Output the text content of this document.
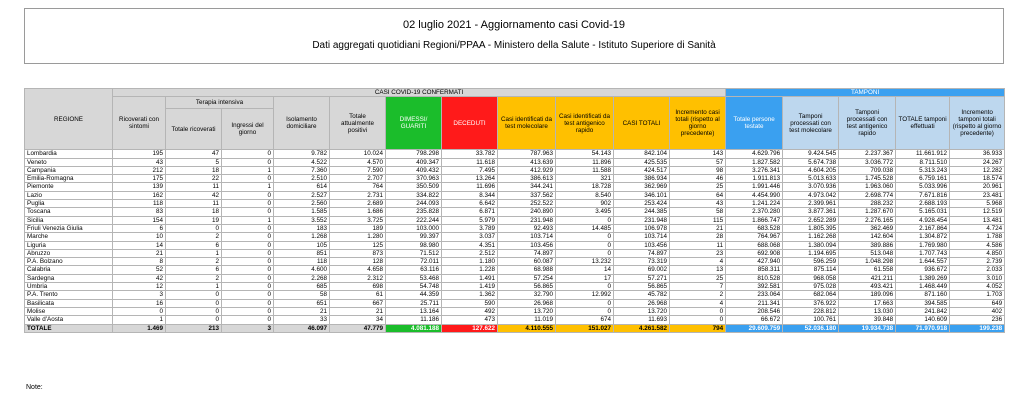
02 luglio 2021 - Aggiornamento casi Covid-19
Dati aggregati quotidiani Regioni/PPAA - Ministero della Salute - Istituto Superiore di Sanità
REGIONE	CASI COVID-19 CONFERMATI											TAMPONI				
	Ricoverati con sintomi	Terapia intensiva		Isolamento domiciliare	Totale attualmente positivi	DIMESSI/ GUARITI	DECEDUTI	Casi identificati da test molecolare	Casi identificati da test antigenico rapido	CASI TOTALI	Incremento casi totali (rispetto al giorno precedente)	Totale persone testate	Tamponi processati con test molecolare	Tamponi processati con test antigenico rapido	TOTALE tamponi effettuati	Incremento tamponi totali (rispetto al giorno precedente)
		Totale ricoverati	Ingressi del giorno													
Lombardia	195	47	0	9.782	10.024	798.298	33.782	787.963	54.143	842.104	143	4.629.796	9.424.545	2.237.367	11.661.912	36.933
Veneto	43	5	0	4.522	4.570	409.347	11.618	413.639	11.896	425.535	57	1.827.582	5.674.738	3.036.772	8.711.510	24.267
Campania	212	18	1	7.360	7.590	409.432	7.495	412.929	11.588	424.517	98	3.276.341	4.604.205	709.038	5.313.243	12.282
Emilia-Romagna	175	22	0	2.510	2.707	370.963	13.264	386.613	321	386.934	46	1.911.813	5.013.633	1.745.528	6.759.161	18.574
Piemonte	139	11	1	614	764	350.509	11.696	344.241	18.728	362.969	25	1.991.446	3.070.936	1.963.060	5.033.996	20.961
Lazio	162	42	0	2.527	2.731	334.822	8.344	337.562	8.540	346.101	64	4.454.990	4.973.042	2.698.774	7.671.816	23.481
Puglia	118	11	0	2.560	2.689	244.093	6.642	252.522	902	253.424	43	1.241.224	2.399.961	288.232	2.688.193	5.968
Toscana	83	18	0	1.585	1.686	235.828	6.871	240.890	3.495	244.385	58	2.370.280	3.877.361	1.287.670	5.165.031	12.519
Sicilia	154	19	1	3.552	3.725	222.244	5.979	231.948	0	231.948	115	1.866.747	2.652.289	2.276.165	4.928.454	13.481
Friuli Venezia Giulia	6	0	0	183	189	103.000	3.789	92.493	14.485	106.978	21	683.528	1.805.395	362.469	2.167.864	4.724
Marche	10	2	0	1.268	1.280	99.397	3.037	103.714	0	103.714	28	764.967	1.162.268	142.604	1.304.872	1.788
Liguria	14	6	0	105	125	98.980	4.351	103.456	0	103.456	11	688.068	1.380.094	389.886	1.769.980	4.586
Abruzzo	21	1	0	851	873	71.512	2.512	74.897	0	74.897	23	692.908	1.194.695	513.048	1.707.743	4.850
P.A. Bolzano	8	2	0	118	128	72.011	1.180	60.087	13.232	73.319	4	427.940	596.259	1.048.298	1.644.557	2.739
Calabria	52	6	0	4.600	4.658	63.116	1.228	68.988	14	69.002	13	858.311	875.114	61.558	936.672	2.033
Sardegna	42	2	0	2.268	2.312	53.468	1.491	57.254	17	57.271	25	810.528	968.058	421.211	1.389.269	3.010
Umbria	12	1	0	685	698	54.748	1.419	56.865	0	56.865	7	392.581	975.028	493.421	1.468.449	4.052
P.A. Trento	3	0	0	58	61	44.359	1.362	32.790	12.992	45.782	2	233.064	682.064	189.096	871.160	1.703
Basilicata	16	0	0	651	667	25.711	590	26.968	0	26.968	4	211.341	376.922	17.663	394.585	649
Molise	0	0	0	21	21	13.164	492	13.720	0	13.720	0	208.546	228.812	13.030	241.842	402
Valle d'Aosta	1	0	0	33	34	11.186	473	11.019	674	11.693	0	66.672	100.761	39.848	140.609	236
TOTALE	1.469	213	3	46.097	47.779	4.081.188	127.622	4.110.555	151.027	4.261.582	794	29.609.759	52.036.180	19.934.738	71.970.918	199.238
Note:
